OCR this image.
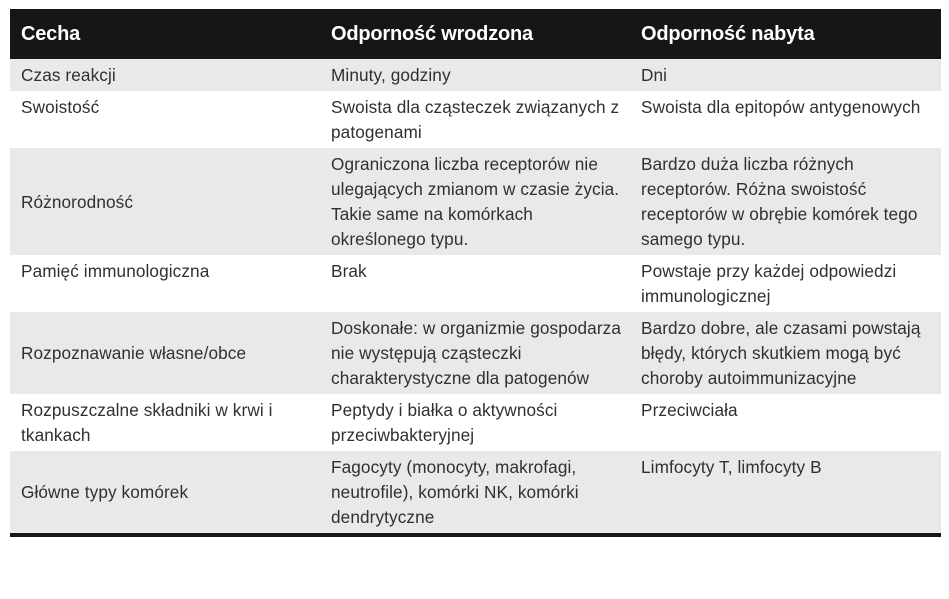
Cecha	Odporność wrodzona	Odporność nabyta
Czas reakcji	Minuty, godziny	Dni
Swoistość	Swoista dla cząsteczek związanych z patogenami	Swoista dla epitopów antygenowych
Różnorodność	Ograniczona liczba receptorów nie ulegających zmianom w czasie życia. Takie same na komórkach określonego typu.	Bardzo duża liczba różnych receptorów. Różna swoistość receptorów w obrębie komórek tego samego typu.
Pamięć immunologiczna	Brak	Powstaje przy każdej odpowiedzi immunologicznej
Rozpoznawanie własne/obce	Doskonałe: w organizmie gospodarza nie występują cząsteczki charakterystyczne dla patogenów	Bardzo dobre, ale czasami powstają błędy, których skutkiem mogą być choroby autoimmunizacyjne
Rozpuszczalne składniki w krwi i tkankach	Peptydy i białka o aktywności przeciwbakteryjnej	Przeciwciała
Główne typy komórek	Fagocyty (monocyty, makrofagi, neutrofile), komórki NK, komórki dendrytyczne	Limfocyty T, limfocyty B
